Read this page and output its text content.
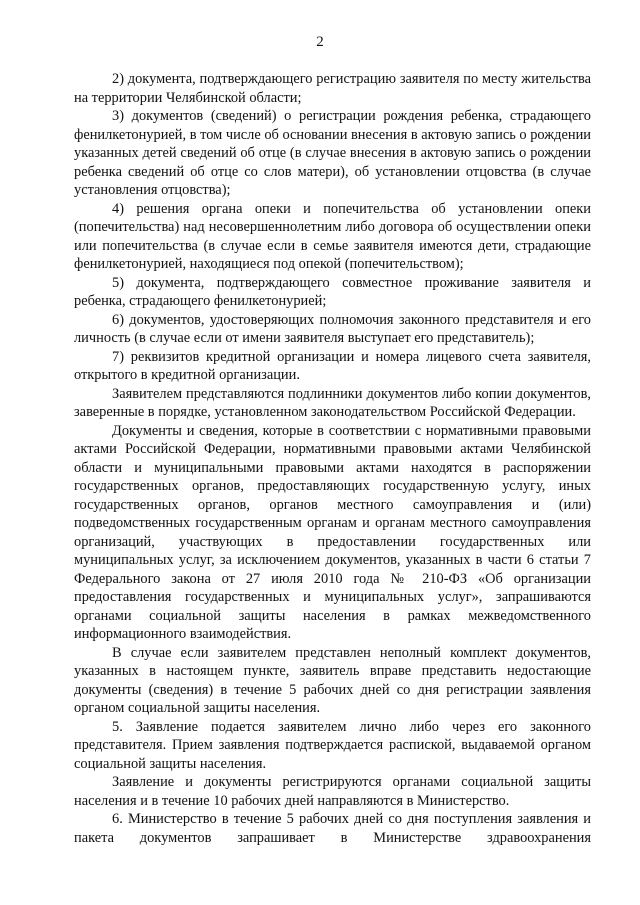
2

2) документа, подтверждающего регистрацию заявителя по месту жительства на территории Челябинской области;

3) документов (сведений) о регистрации рождения ребенка, страдающего фенилкетонурией, в том числе об основании внесения в актовую запись о рождении указанных детей сведений об отце (в случае внесения в актовую запись о рождении ребенка сведений об отце со слов матери), об установлении отцовства (в случае установления отцовства);

4) решения органа опеки и попечительства об установлении опеки (попечительства) над несовершеннолетним либо договора об осуществлении опеки или попечительства (в случае если в семье заявителя имеются дети, страдающие фенилкетонурией, находящиеся под опекой (попечительством);

5) документа, подтверждающего совместное проживание заявителя и ребенка, страдающего фенилкетонурией;

6) документов, удостоверяющих полномочия законного представителя и его личность (в случае если от имени заявителя выступает его представитель);

7) реквизитов кредитной организации и номера лицевого счета заявителя, открытого в кредитной организации.

Заявителем представляются подлинники документов либо копии документов, заверенные в порядке, установленном законодательством Российской Федерации.

Документы и сведения, которые в соответствии с нормативными правовыми актами Российской Федерации, нормативными правовыми актами Челябинской области и муниципальными правовыми актами находятся в распоряжении государственных органов, предоставляющих государственную услугу, иных государственных органов, органов местного самоуправления и (или) подведомственных государственным органам и органам местного самоуправления организаций, участвующих в предоставлении государственных или муниципальных услуг, за исключением документов, указанных в части 6 статьи 7 Федерального закона от 27 июля 2010 года № 210-ФЗ «Об организации предоставления государственных и муниципальных услуг», запрашиваются органами социальной защиты населения в рамках межведомственного информационного взаимодействия.

В случае если заявителем представлен неполный комплект документов, указанных в настоящем пункте, заявитель вправе представить недостающие документы (сведения) в течение 5 рабочих дней со дня регистрации заявления органом социальной защиты населения.

5. Заявление подается заявителем лично либо через его законного представителя. Прием заявления подтверждается распиской, выдаваемой органом социальной защиты населения.

Заявление и документы регистрируются органами социальной защиты населения и в течение 10 рабочих дней направляются в Министерство.

6. Министерство в течение 5 рабочих дней со дня поступления заявления и пакета документов запрашивает в Министерстве здравоохранения
